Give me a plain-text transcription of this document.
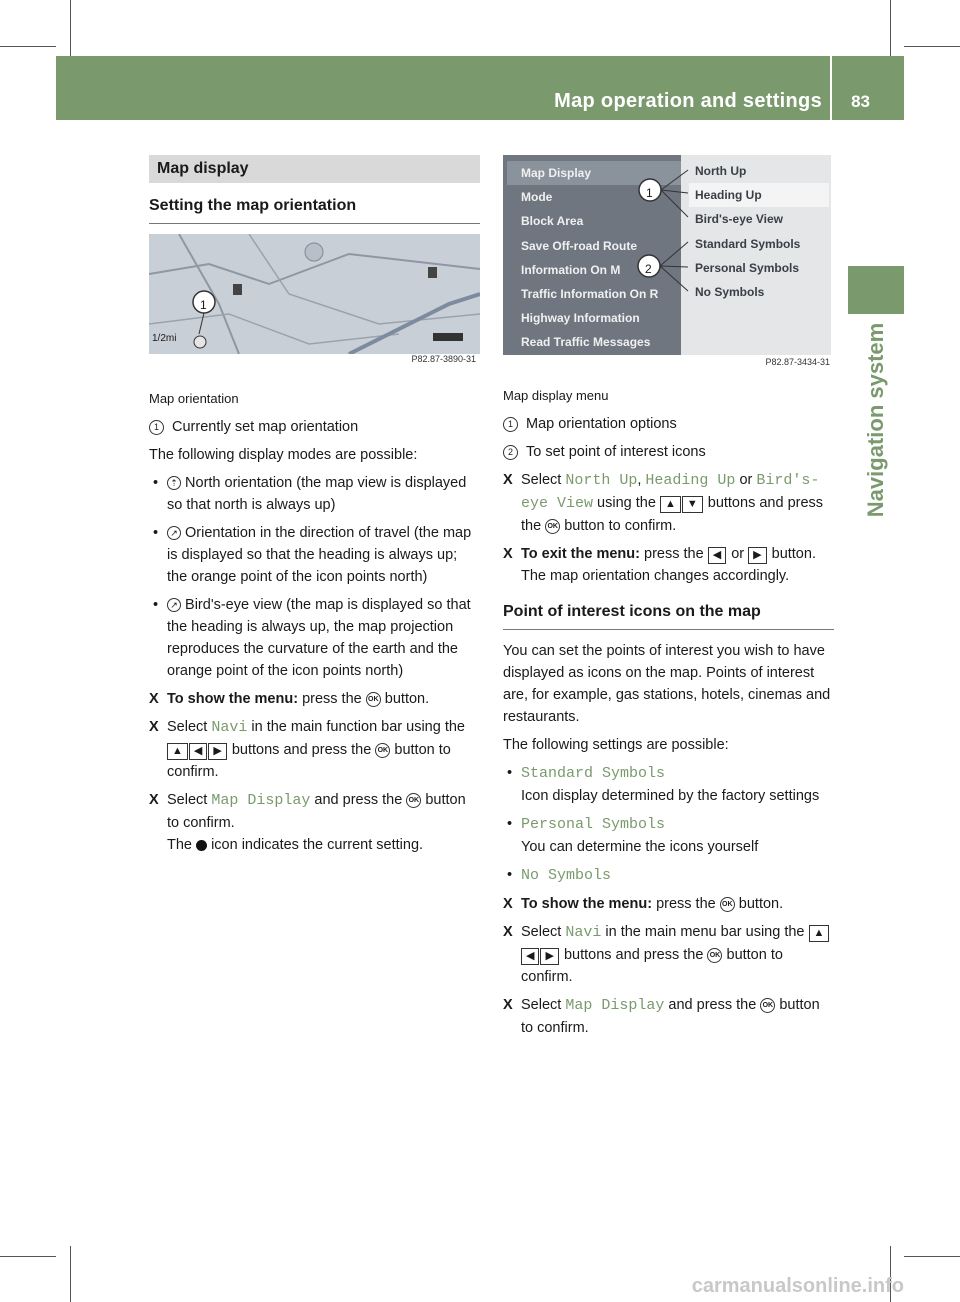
Map operation and settings 83
Navigation system
Map display
Setting the map orientation
1
1/2mi
P82.87-3890-31

Map orientation

1 Currently set map orientation

The following display modes are possible:

• ⇡ North orientation (the map view is displayed so that north is always up)

• ↗ Orientation in the direction of travel (the map is displayed so that the heading is always up; the orange point of the icon points north)

• ↗ Bird's-eye view (the map is displayed so that the heading is always up, the map projection reproduces the curvature of the earth and the orange point of the icon points north)

X To show the menu: press the OK button.

X Select Navi in the main function bar using the ▲ ◀ ▶ buttons and press the OK button to confirm.

X Select Map Display and press the OK button to confirm.
The icon indicates the current setting.

Map Display
Mode
Block Area
Save Off-road Route
Information On M
Traffic Information On R
Highway Information
Read Traffic Messages
North Up
Heading Up
Bird's-eye View
Standard Symbols
Personal Symbols
No Symbols
1
2
P82.87-3434-31

Map display menu

1 Map orientation options

2 To set point of interest icons

X Select North Up, Heading Up or Bird's-eye View using the ▲ ▼ buttons and press the OK button to confirm.

X To exit the menu: press the ◀ or ▶ button.
The map orientation changes accordingly.

Point of interest icons on the map

You can set the points of interest you wish to have displayed as icons on the map. Points of interest are, for example, gas stations, hotels, cinemas and restaurants.

The following settings are possible:

• Standard Symbols
Icon display determined by the factory settings

• Personal Symbols
You can determine the icons yourself

• No Symbols

X To show the menu: press the OK button.

X Select Navi in the main menu bar using the ▲◀ ▶ buttons and press the OK button to confirm.

X Select Map Display and press the OK button to confirm.

carmanualsonline.info
